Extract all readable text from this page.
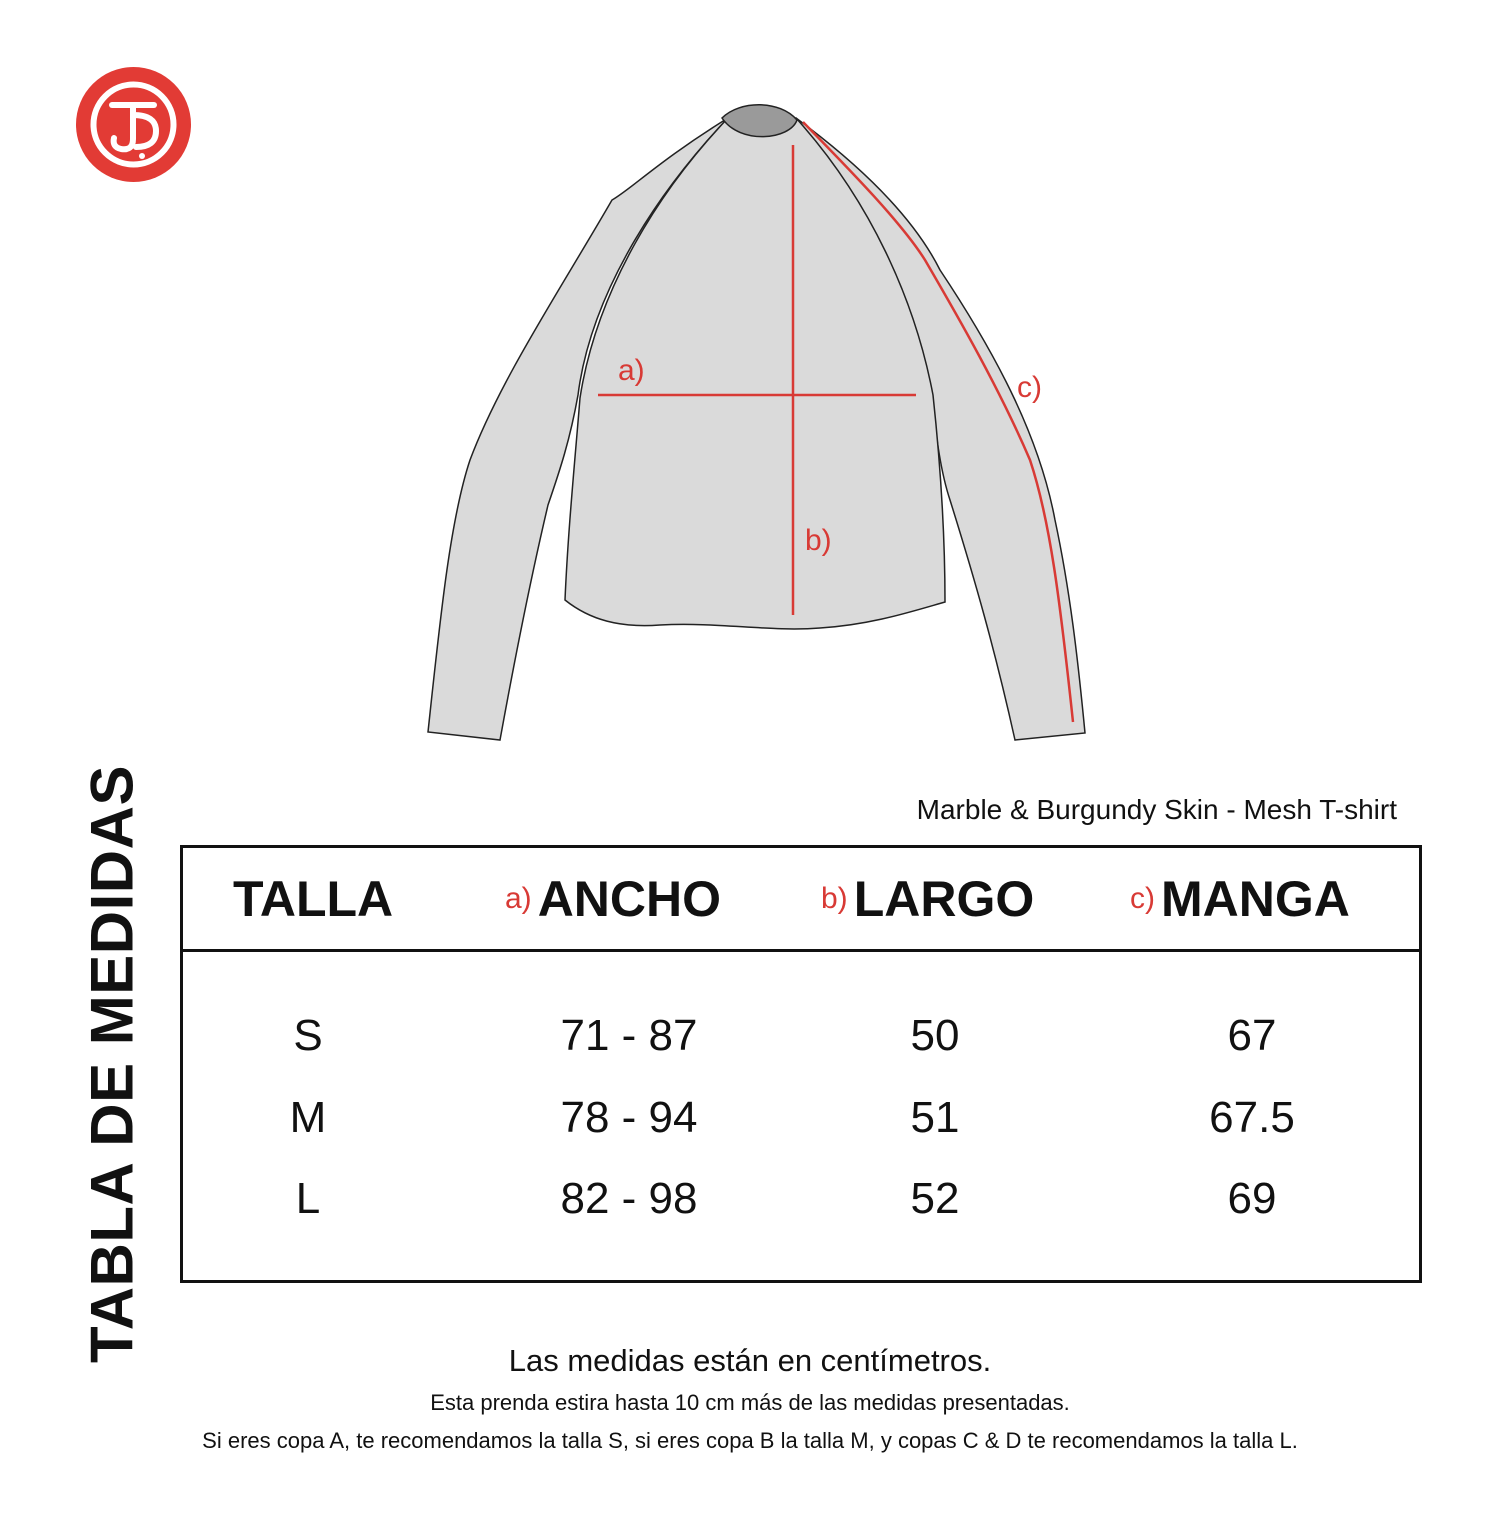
a)
b)
c)
TABLA DE MEDIDAS	Marble & Burgundy Skin - Mesh T-shirt
TALLA	a) ANCHO	b) LARGO	c) MANGA
S	71 - 87	50	67
M	78 - 94	51	67.5
L	82 - 98	52	69
Las medidas están en centímetros.
Esta prenda estira hasta 10 cm más de las medidas presentadas.
Si eres copa A, te recomendamos la talla S, si eres copa B la talla M, y copas C & D te recomendamos la talla L.
